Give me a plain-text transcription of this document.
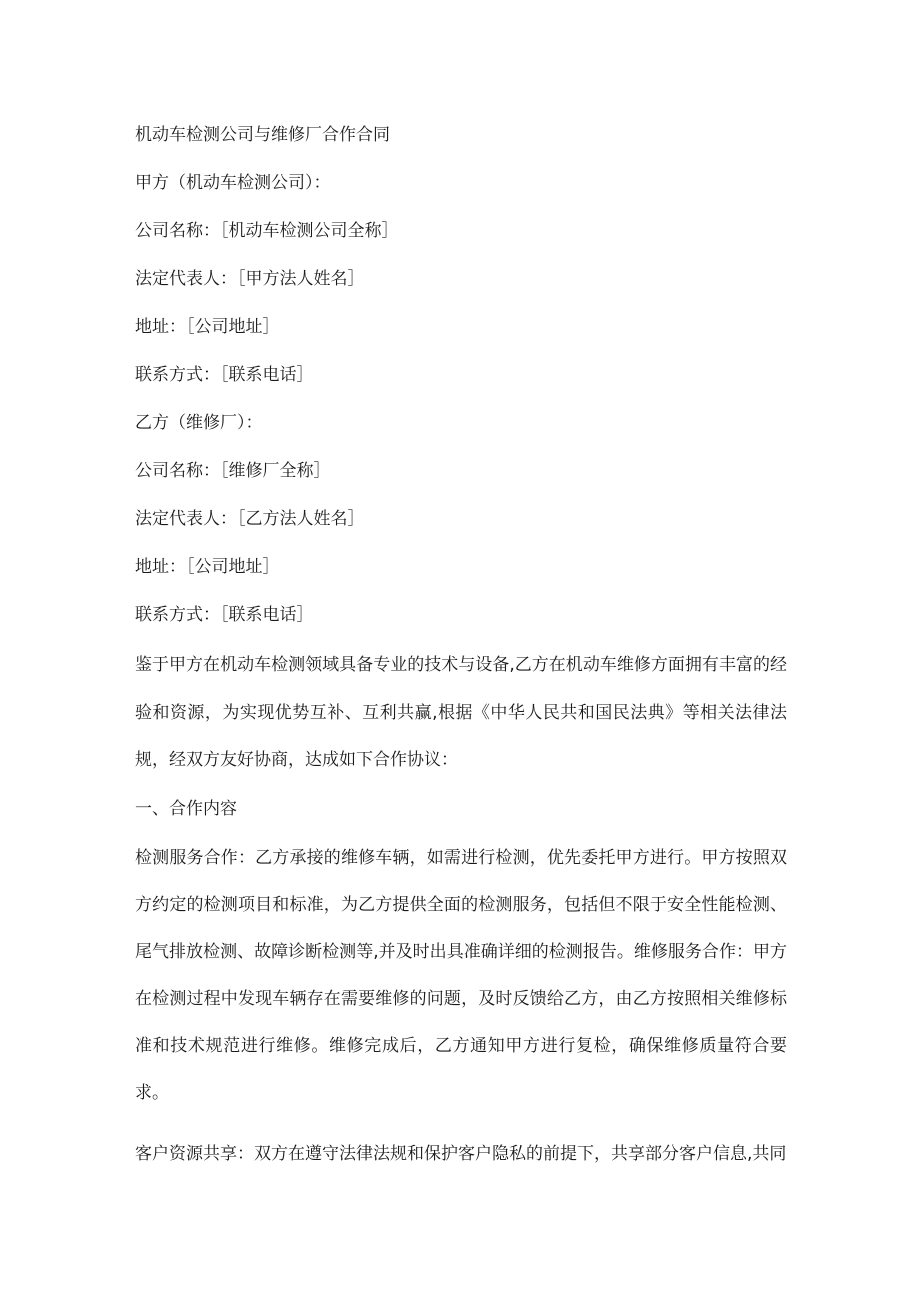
机动车检测公司与维修厂合作合同
甲方（机动车检测公司）：
公司名称：［机动车检测公司全称］
法定代表人：［甲方法人姓名］
地址：［公司地址］
联系方式：［联系电话］
乙方（维修厂）：
公司名称：［维修厂全称］
法定代表人：［乙方法人姓名］
地址：［公司地址］
联系方式：［联系电话］
鉴于甲方在机动车检测领域具备专业的技术与设备,乙方在机动车维修方面拥有丰富的经验和资源，为实现优势互补、互利共赢,根据《中华人民共和国民法典》等相关法律法规，经双方友好协商，达成如下合作协议：
一、合作内容
检测服务合作：乙方承接的维修车辆，如需进行检测，优先委托甲方进行。甲方按照双方约定的检测项目和标准，为乙方提供全面的检测服务，包括但不限于安全性能检测、尾气排放检测、故障诊断检测等,并及时出具准确详细的检测报告。维修服务合作：甲方在检测过程中发现车辆存在需要维修的问题，及时反馈给乙方，由乙方按照相关维修标准和技术规范进行维修。维修完成后，乙方通知甲方进行复检，确保维修质量符合要求。
客户资源共享：双方在遵守法律法规和保护客户隐私的前提下，共享部分客户信息,共同
